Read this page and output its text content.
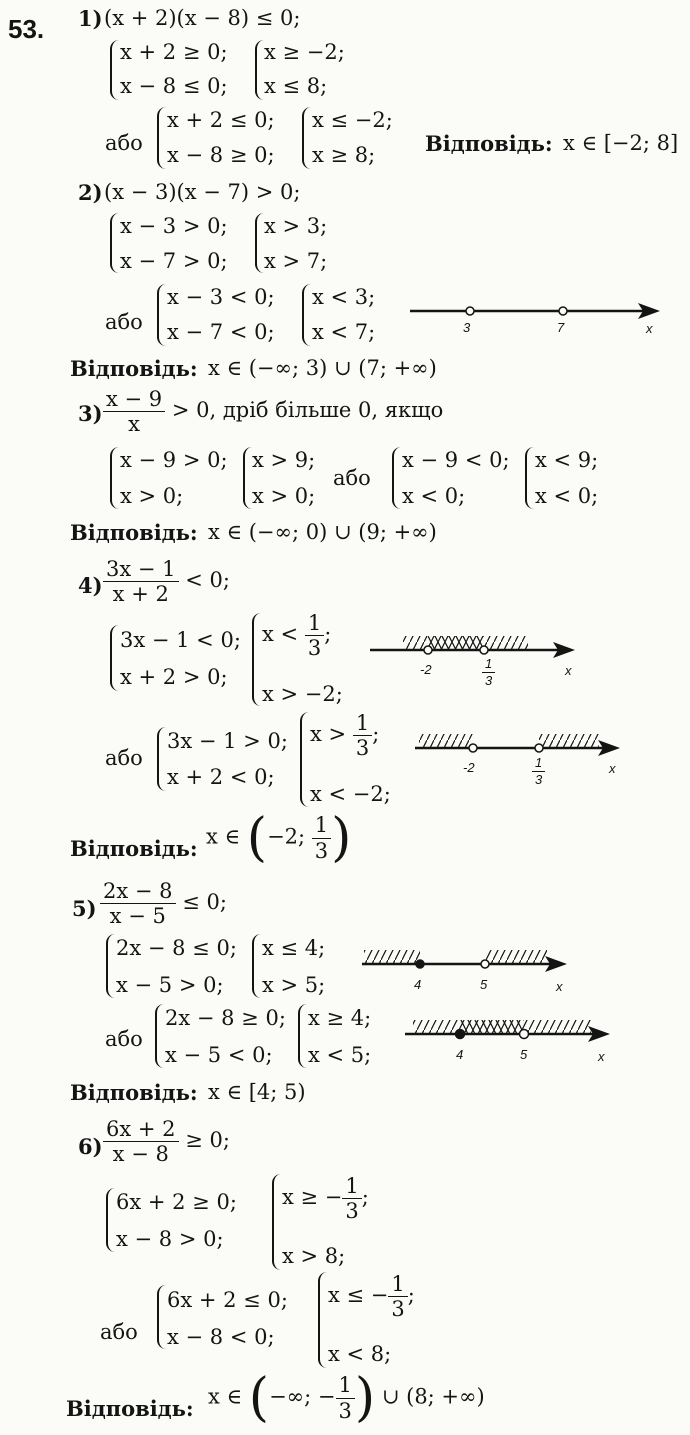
53. 1) (x + 2)(x − 8) ≤ 0;
x + 2 ≥ 0;
x − 8 ≤ 0;
x ≥ −2;
x ≤ 8;
або
x + 2 ≤ 0;
x − 8 ≥ 0;
x ≤ −2;
x ≥ 8; Відповідь: x ∈ [−2; 8]
2) (x − 3)(x − 7) > 0;
x − 3 > 0;
x − 7 > 0;
x > 3;
x > 7;
або
x − 3 < 0;
x − 7 < 0;
x < 3;
x < 7;	3	7	x
Відповідь: x ∈ (−∞; 3) ∪ (7; +∞)
$3) \frac{x - 9}{x} > 0$, дріб більше 0, якщо
x − 9 > 0;
x > 0;
x > 9;
x > 0;
або
x − 9 < 0;
x < 0;
x < 9;
x < 0;
Відповідь: x ∈ (−∞; 0) ∪ (9; +∞)
$4) \frac{3x - 1}{x + 2} < 0$;
3x − 1 < 0;
x + 2 > 0;
$x < \frac{1}{3}$ ;
x > −2;
-2	$\frac{1}{3}$	x
або
3x − 1 > 0;
x + 2 < 0;
$x > \frac{1}{3}$ ;
x < −2;
-2	$\frac{1}{3}$	x
Відповідь: x ∈ (−2; $\frac{1}{3}$ )
$5) \frac{2x - 8}{x - 5} \le 0$;
2x − 8 ≤ 0;
x − 5 > 0;
x ≤ 4;
x > 5;	4	5	x
або
2x − 8 ≥ 0;
x − 5 < 0;
x ≥ 4;
x < 5;	4	5	x
Відповідь: x ∈ [4; 5)
$6) \frac{6x + 2}{x - 8} \ge 0$;
6x + 2 ≥ 0;
x − 8 > 0;
x ≥ − $\frac{1}{3}$ ;
x > 8;
або
6x + 2 ≤ 0;
x − 8 < 0;
x ≤ − $\frac{1}{3}$ ;
x < 8;
Відповідь: x ∈ (−∞; − $\frac{1}{3}$ ) ∪ (8; +∞)
